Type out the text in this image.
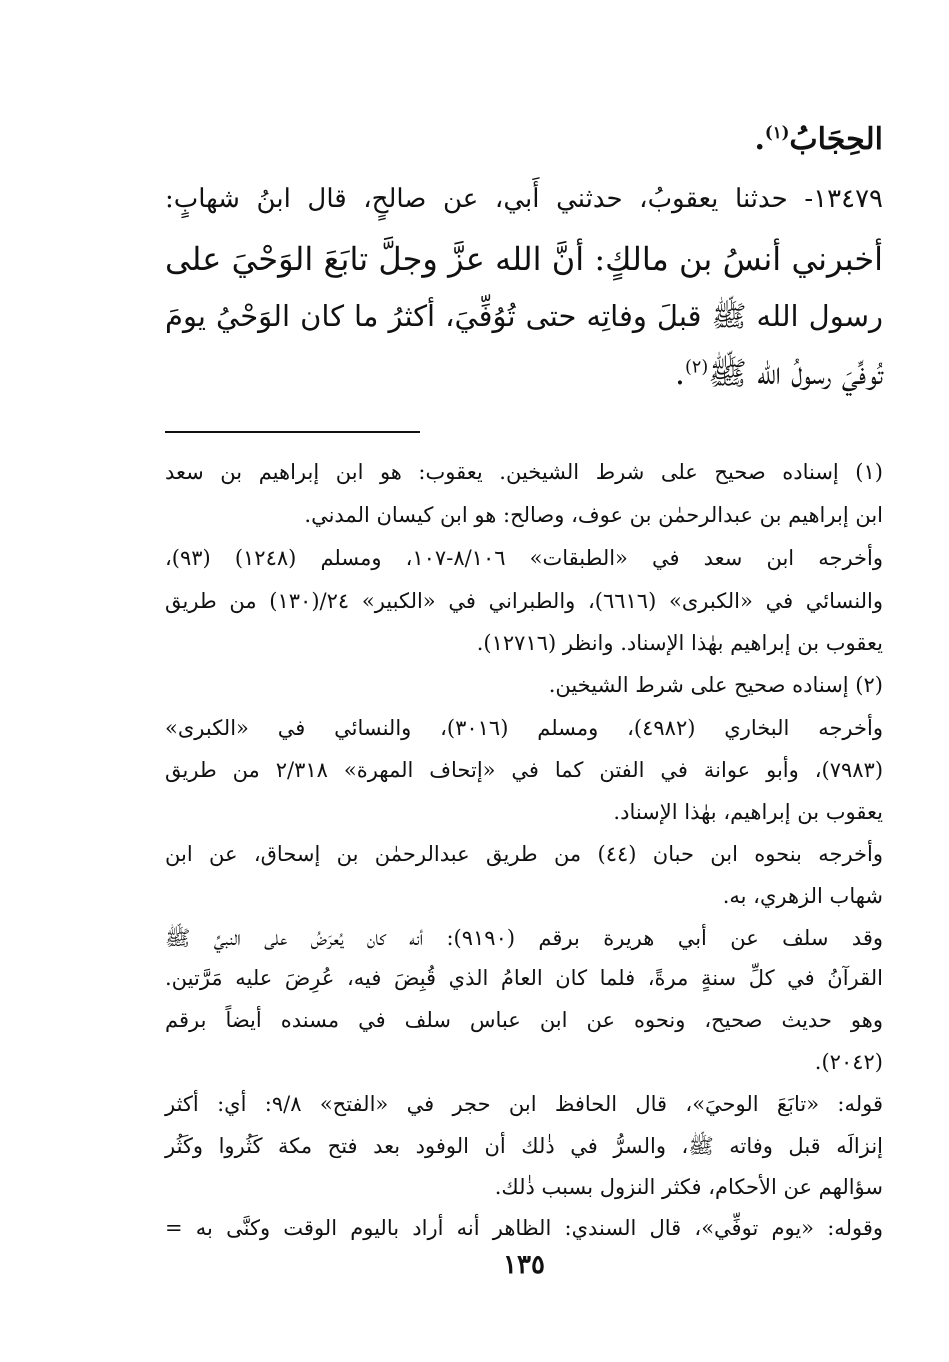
الحِجَابُ$^{(١)}$.
١٣٤٧٩- حدثنا يعقوبُ، حدثني أَبي، عن صالحٍ، قال ابنُ شهابٍ:
أخبرني أنسُ بن مالكٍ: أنَّ الله عزَّ وجلَّ تابَعَ الوَحْيَ على
رسول الله ﷺ قبلَ وفاتِه حتى تُوُفِّيَ، أكثرُ ما كان الوَحْيُ يومَ
تُوفِّيَ رسولُ الله ﷺ$^{(٢)}$.
(١) إسناده صحيح على شرط الشيخين. يعقوب: هو ابن إبراهيم بن سعد
ابن إبراهيم بن عبدالرحمٰن بن عوف، وصالح: هو ابن كيسان المدني.
وأخرجه ابن سعد في «الطبقات» ٨/١٠٦-١٠٧، ومسلم (١٢٤٨) (٩٣)،
والنسائي في «الكبرى» (٦٦١٦)، والطبراني في «الكبير» ٢٤/(١٣٠) من طريق
يعقوب بن إبراهيم بهٰذا الإسناد. وانظر (١٢٧١٦).
(٢) إسناده صحيح على شرط الشيخين.
وأخرجه البخاري (٤٩٨٢)، ومسلم (٣٠١٦)، والنسائي في «الكبرى»
(٧٩٨٣)، وأبو عوانة في الفتن كما في «إتحاف المهرة» ٢/٣١٨ من طريق
يعقوب بن إبراهيم، بهٰذا الإسناد.
وأخرجه بنحوه ابن حبان (٤٤) من طريق عبدالرحمٰن بن إسحاق، عن ابن
شهاب الزهري، به.
وقد سلف عن أبي هريرة برقم (٩١٩٠): أنه كان يُعرَضُ على النبيِّ ﷺ
القرآنُ في كلِّ سنةٍ مرةً، فلما كان العامُ الذي قُبِضَ فيه، عُرِضَ عليه مَرَّتين.
وهو حديث صحيح، ونحوه عن ابن عباس سلف في مسنده أيضاً برقم
(٢٠٤٢).
قوله: «تابَعَ الوحيَ»، قال الحافظ ابن حجر في «الفتح» ٩/٨: أي: أكثر
إنزالَه قبل وفاته ﷺ، والسرُّ في ذٰلك أن الوفود بعد فتح مكة كَثُروا وكَثُر
سؤالهم عن الأحكام، فكثر النزول بسبب ذٰلك.
وقوله: «يوم توفِّي»، قال السندي: الظاهر أنه أراد باليوم الوقت وكنَّى به =
١٣٥
